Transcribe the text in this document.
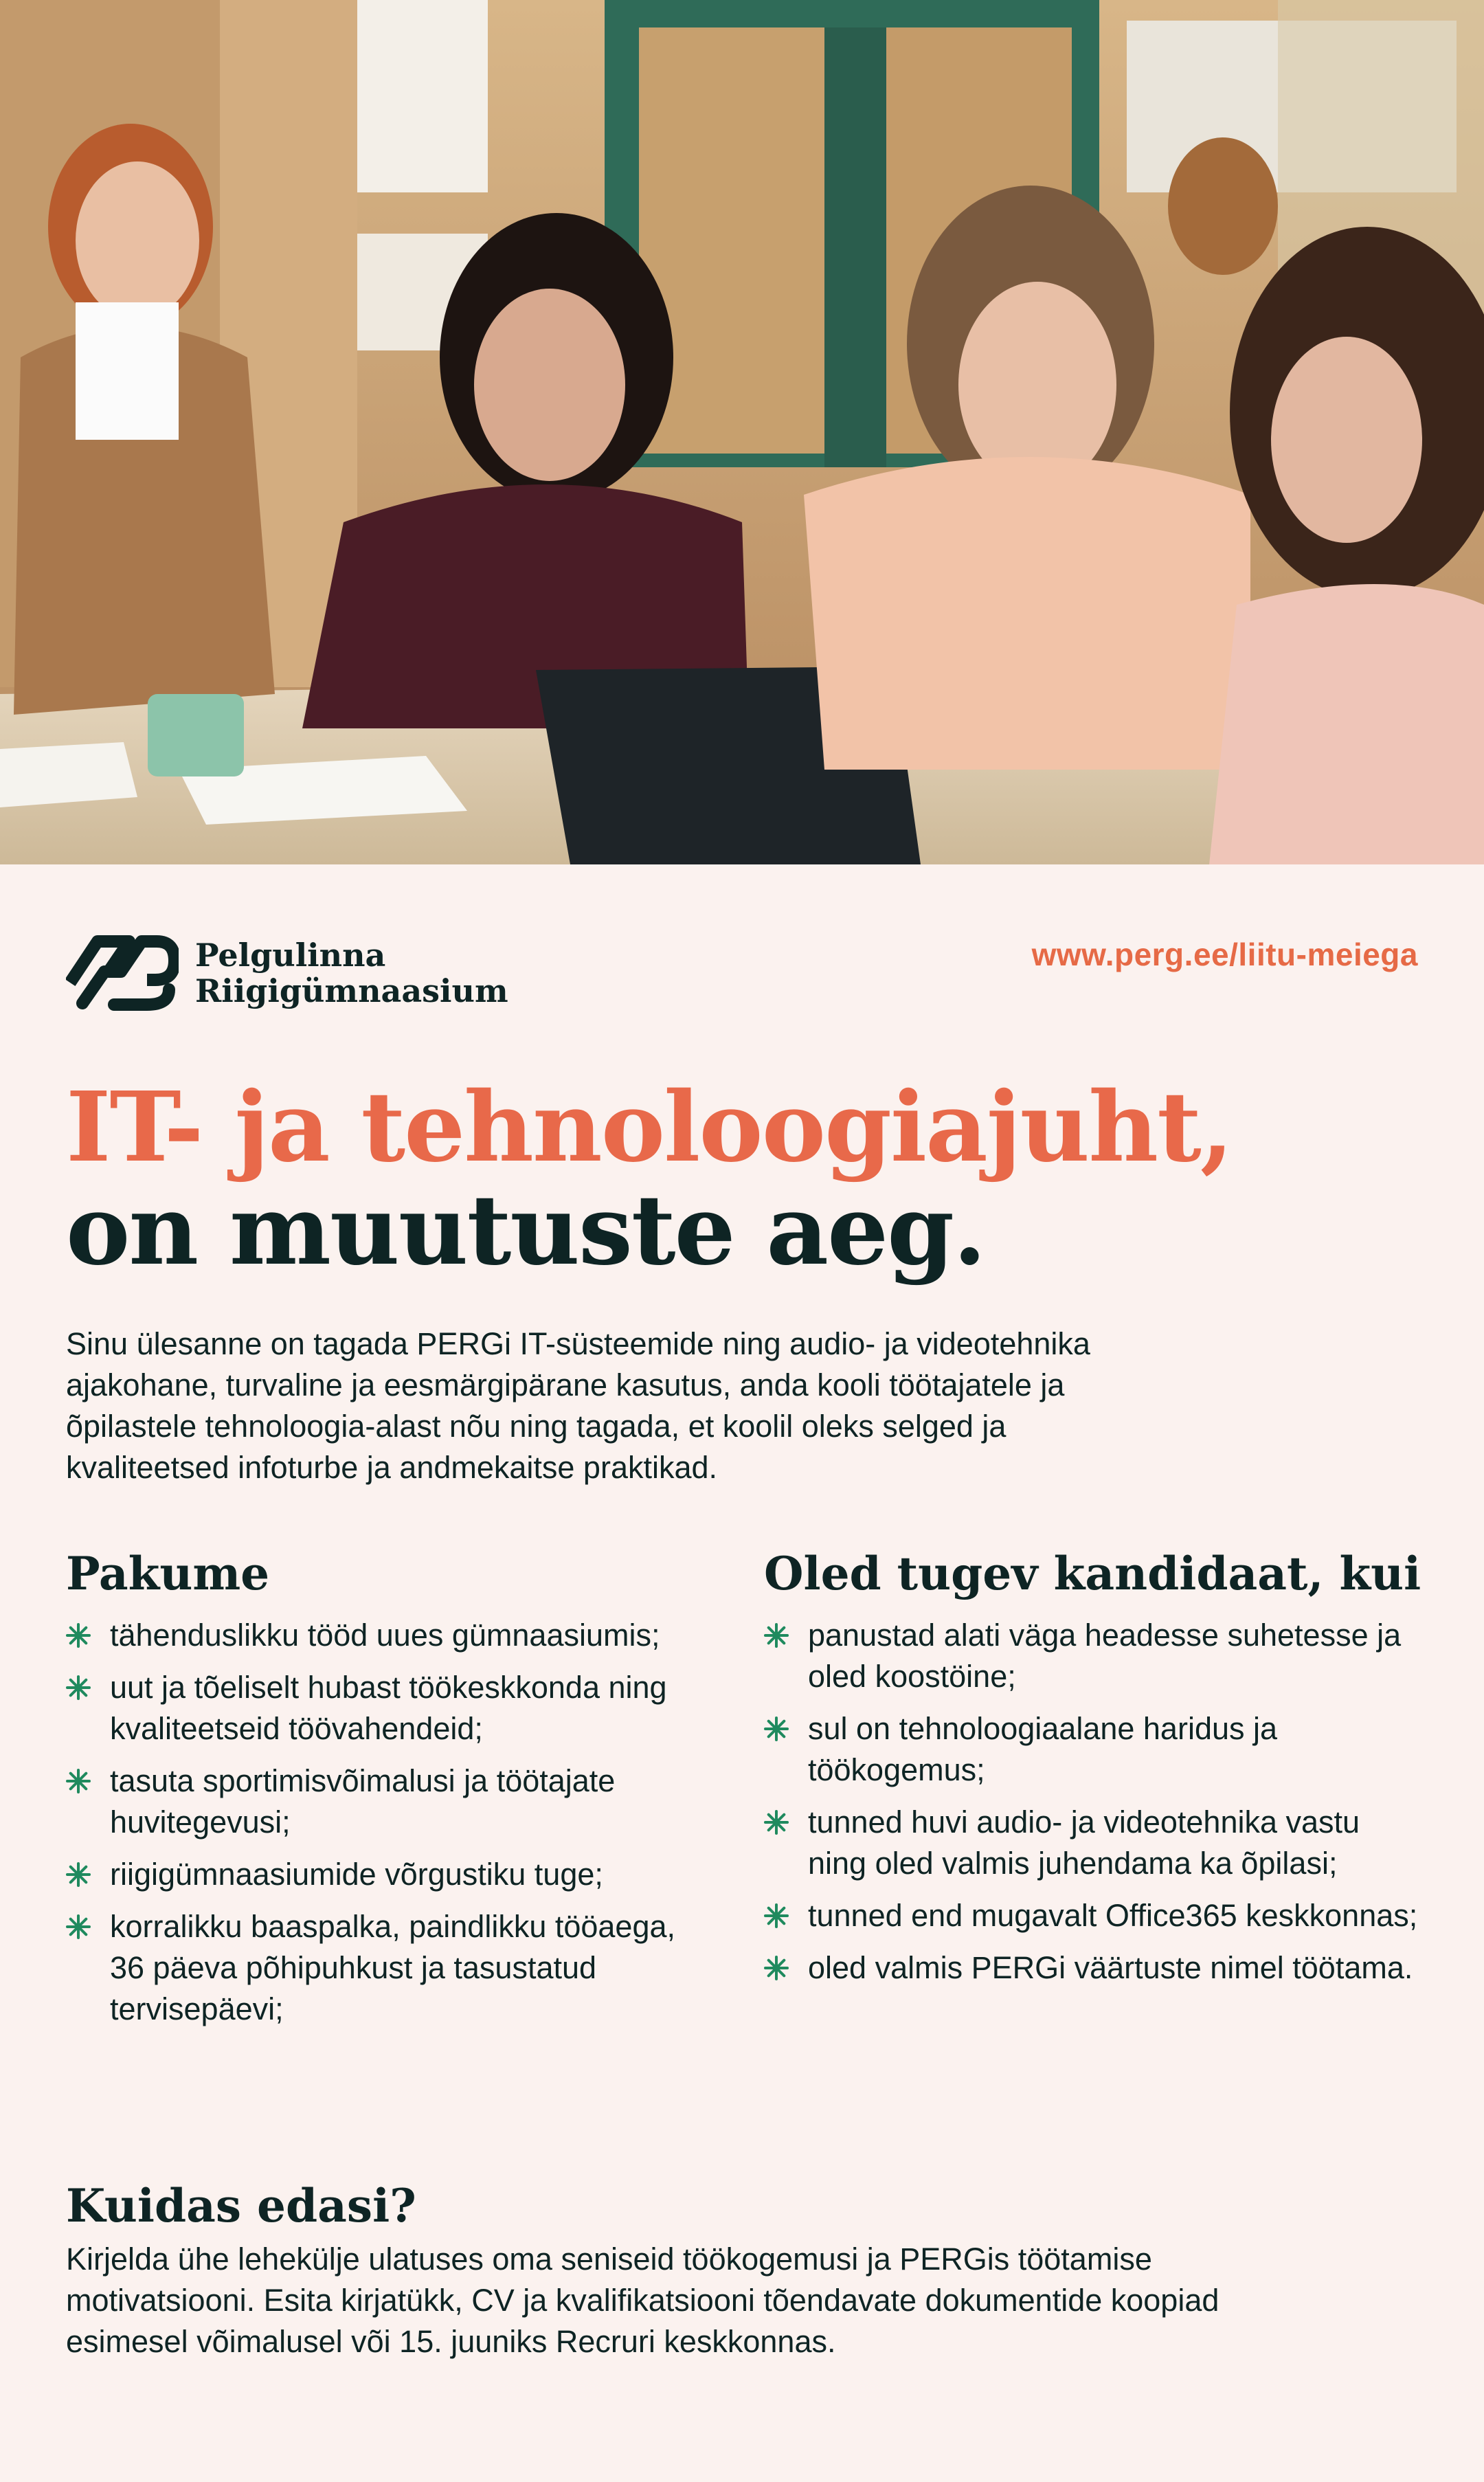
Pelgulinna
Riigigümnaasium
www.perg.ee/liitu-meiega
IT- ja tehnoloogiajuht,
on muutuste aeg.
Sinu ülesanne on tagada PERGi IT-süsteemide ning audio- ja videotehnika ajakohane, turvaline ja eesmärgipärane kasutus, anda kooli töötajatele ja õpilastele tehnoloogia-alast nõu ning tagada, et koolil oleks selged ja kvaliteetsed infoturbe ja andmekaitse praktikad.
Pakume
tähenduslikku tööd uues gümnaasiumis;
uut ja tõeliselt hubast töökeskkonda ning kvaliteetseid töövahendeid;
tasuta sportimisvõimalusi ja töötajate huvitegevusi;
riigigümnaasiumide võrgustiku tuge;
korralikku baaspalka, paindlikku tööaega, 36 päeva põhipuhkust ja tasustatud tervisepäevi;
Oled tugev kandidaat, kui
panustad alati väga headesse suhetesse ja oled koostöine;
sul on tehnoloogiaalane haridus ja töökogemus;
tunned huvi audio- ja videotehnika vastu ning oled valmis juhendama ka õpilasi;
tunned end mugavalt Office365 keskkonnas;
oled valmis PERGi väärtuste nimel töötama.
Kuidas edasi?

Kirjelda ühe lehekülje ulatuses oma seniseid töökogemusi ja PERGis töötamise motivatsiooni. Esita kirjatükk, CV ja kvalifikatsiooni tõendavate dokumentide koopiad esimesel võimalusel või 15. juuniks Recruri keskkonnas.
